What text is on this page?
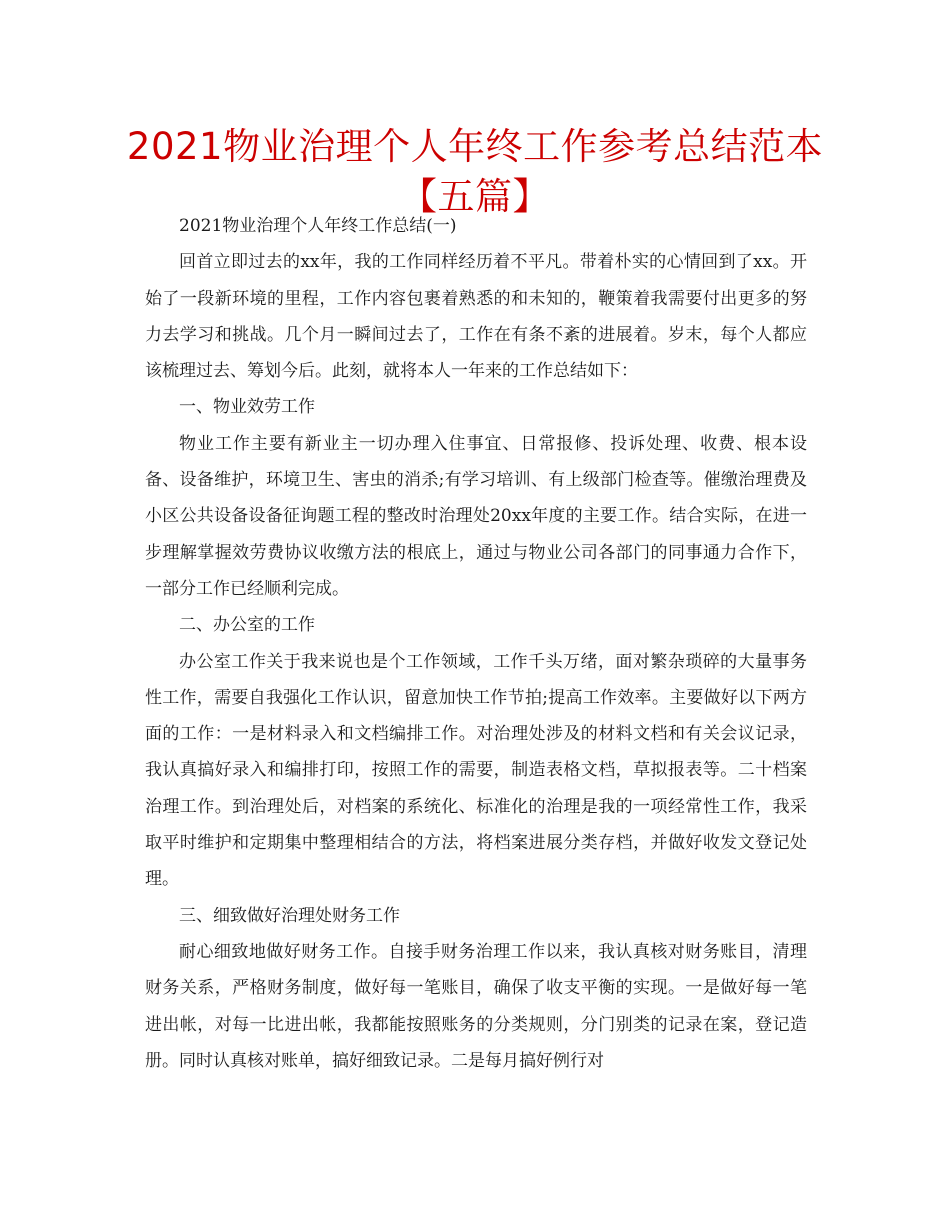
2021物业治理个人年终工作参考总结范本【五篇】

2021物业治理个人年终工作总结(一)

回首立即过去的xx年，我的工作同样经历着不平凡。带着朴实的心情回到了xx。开始了一段新环境的里程，工作内容包裹着熟悉的和未知的，鞭策着我需要付出更多的努力去学习和挑战。几个月一瞬间过去了，工作在有条不紊的进展着。岁末，每个人都应该梳理过去、筹划今后。此刻，就将本人一年来的工作总结如下：

一、物业效劳工作

物业工作主要有新业主一切办理入住事宜、日常报修、投诉处理、收费、根本设备、设备维护，环境卫生、害虫的消杀;有学习培训、有上级部门检查等。催缴治理费及小区公共设备设备征询题工程的整改时治理处20xx年度的主要工作。结合实际，在进一步理解掌握效劳费协议收缴方法的根底上，通过与物业公司各部门的同事通力合作下，一部分工作已经顺利完成。

二、办公室的工作

办公室工作关于我来说也是个工作领域，工作千头万绪，面对繁杂琐碎的大量事务性工作，需要自我强化工作认识，留意加快工作节拍;提高工作效率。主要做好以下两方面的工作：一是材料录入和文档编排工作。对治理处涉及的材料文档和有关会议记录，我认真搞好录入和编排打印，按照工作的需要，制造表格文档，草拟报表等。二十档案治理工作。到治理处后，对档案的系统化、标准化的治理是我的一项经常性工作，我采取平时维护和定期集中整理相结合的方法，将档案进展分类存档，并做好收发文登记处理。

三、细致做好治理处财务工作

耐心细致地做好财务工作。自接手财务治理工作以来，我认真核对财务账目，清理财务关系，严格财务制度，做好每一笔账目，确保了收支平衡的实现。一是做好每一笔进出帐，对每一比进出帐，我都能按照账务的分类规则，分门别类的记录在案，登记造册。同时认真核对账单，搞好细致记录。二是每月搞好例行对
